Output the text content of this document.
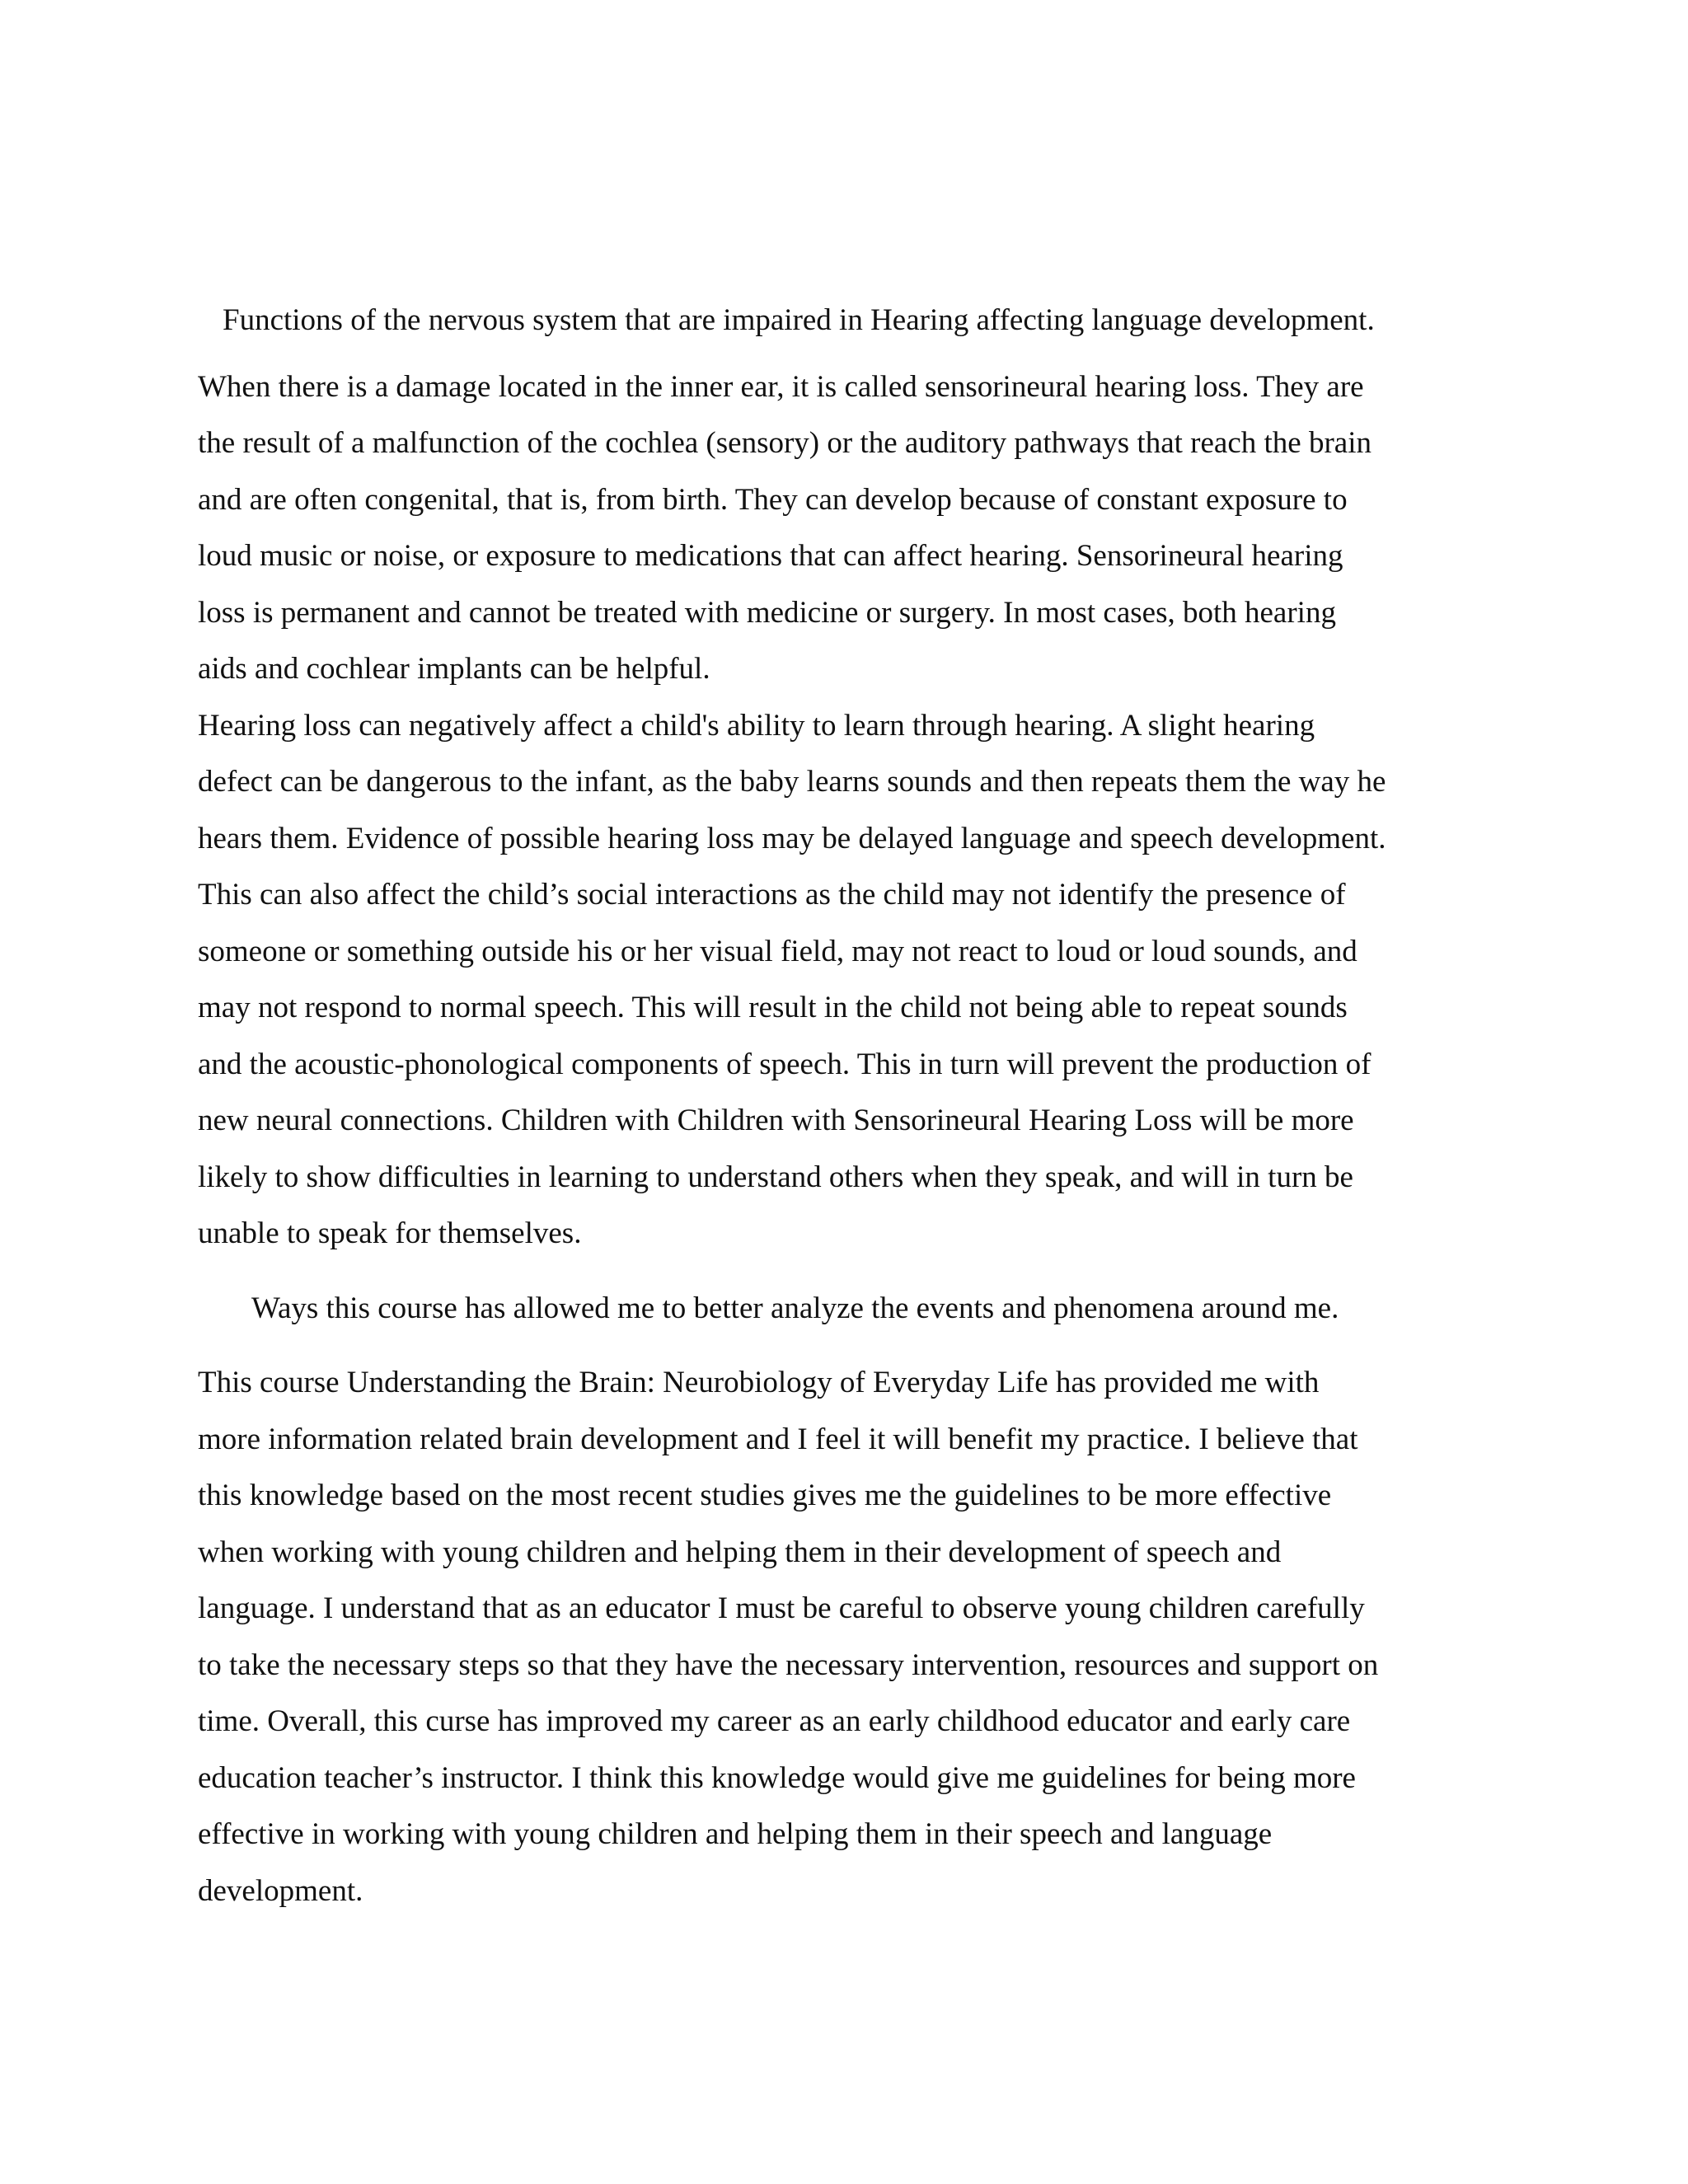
Functions of the nervous system that are impaired in Hearing affecting language development.

When there is a damage located in the inner ear, it is called sensorineural hearing loss. They are
the result of a malfunction of the cochlea (sensory) or the auditory pathways that reach the brain
and are often congenital, that is, from birth. They can develop because of constant exposure to
loud music or noise, or exposure to medications that can affect hearing. Sensorineural hearing
loss is permanent and cannot be treated with medicine or surgery. In most cases, both hearing
aids and cochlear implants can be helpful.

Hearing loss can negatively affect a child's ability to learn through hearing. A slight hearing
defect can be dangerous to the infant, as the baby learns sounds and then repeats them the way he
hears them. Evidence of possible hearing loss may be delayed language and speech development.
This can also affect the child’s social interactions as the child may not identify the presence of
someone or something outside his or her visual field, may not react to loud or loud sounds, and
may not respond to normal speech. This will result in the child not being able to repeat sounds
and the acoustic-phonological components of speech. This in turn will prevent the production of
new neural connections. Children with Children with Sensorineural Hearing Loss will be more
likely to show difficulties in learning to understand others when they speak, and will in turn be
unable to speak for themselves.

Ways this course has allowed me to better analyze the events and phenomena around me.

This course Understanding the Brain: Neurobiology of Everyday Life has provided me with
more information related brain development and I feel it will benefit my practice. I believe that
this knowledge based on the most recent studies gives me the guidelines to be more effective
when working with young children and helping them in their development of speech and
language. I understand that as an educator I must be careful to observe young children carefully
to take the necessary steps so that they have the necessary intervention, resources and support on
time. Overall, this curse has improved my career as an early childhood educator and early care
education teacher’s instructor. I think this knowledge would give me guidelines for being more
effective in working with young children and helping them in their speech and language
development.
